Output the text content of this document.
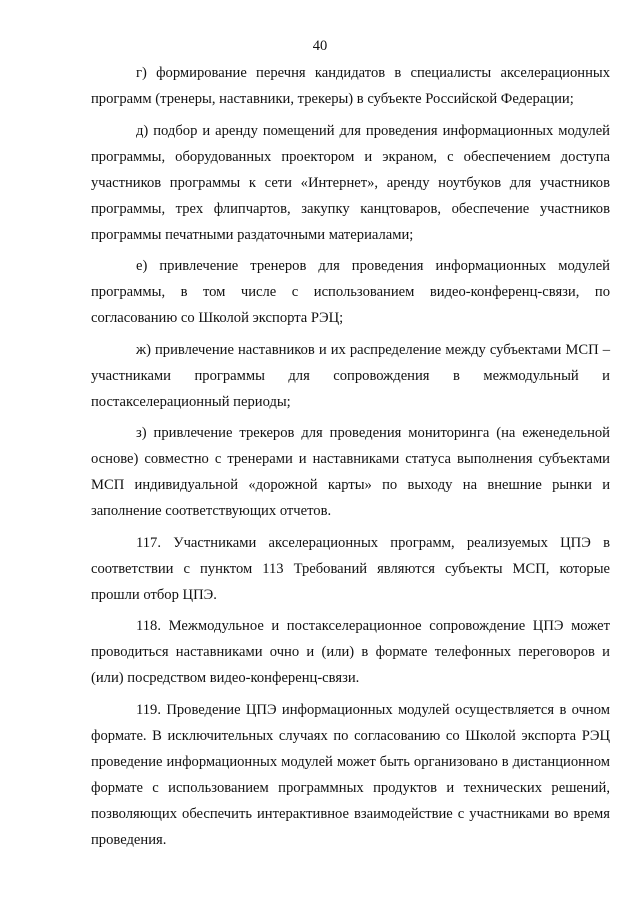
40

г) формирование перечня кандидатов в специалисты акселерационных программ (тренеры, наставники, трекеры) в субъекте Российской Федерации;

д) подбор и аренду помещений для проведения информационных модулей программы, оборудованных проектором и экраном, с обеспечением доступа участников программы к сети «Интернет», аренду ноутбуков для участников программы, трех флипчартов, закупку канцтоваров, обеспечение участников программы печатными раздаточными материалами;

е) привлечение тренеров для проведения информационных модулей программы, в том числе с использованием видео-конференц-связи, по согласованию со Школой экспорта РЭЦ;

ж) привлечение наставников и их распределение между субъектами МСП – участниками программы для сопровождения в межмодульный и постакселерационный периоды;

з) привлечение трекеров для проведения мониторинга (на еженедельной основе) совместно с тренерами и наставниками статуса выполнения субъектами МСП индивидуальной «дорожной карты» по выходу на внешние рынки и заполнение соответствующих отчетов.

117. Участниками акселерационных программ, реализуемых ЦПЭ в соответствии с пунктом 113 Требований являются субъекты МСП, которые прошли отбор ЦПЭ.

118. Межмодульное и постакселерационное сопровождение ЦПЭ может проводиться наставниками очно и (или) в формате телефонных переговоров и (или) посредством видео-конференц-связи.

119. Проведение ЦПЭ информационных модулей осуществляется в очном формате. В исключительных случаях по согласованию со Школой экспорта РЭЦ проведение информационных модулей может быть организовано в дистанционном формате с использованием программных продуктов и технических решений, позволяющих обеспечить интерактивное взаимодействие с участниками во время проведения.
